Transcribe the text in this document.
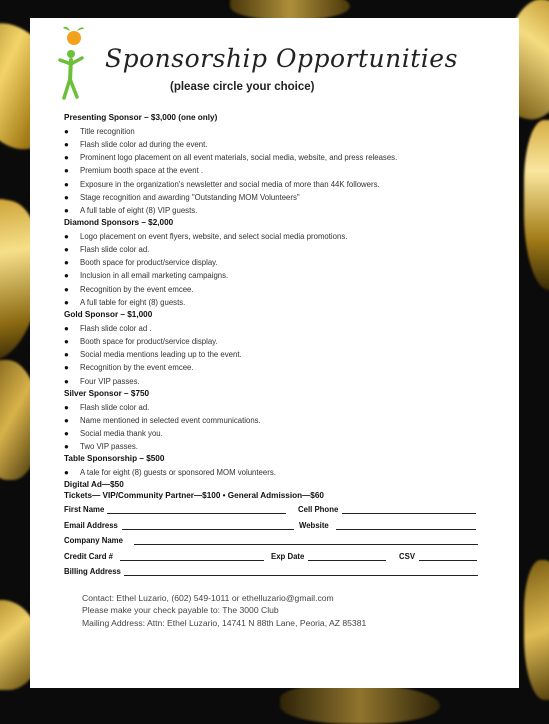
Sponsorship Opportunities
(please circle your choice)
Presenting Sponsor – $3,000 (one only)
● Title recognition
● Flash slide color ad during the event.
● Prominent logo placement on all event materials, social media, website, and press releases.
● Premium booth space at the event .
● Exposure in the organization's newsletter and social media of more than 44K followers.
● Stage recognition and awarding "Outstanding MOM Volunteers"
● A full table of eight (8) VIP guests.
Diamond Sponsors – $2,000
● Logo placement on event flyers, website, and select social media promotions.
● Flash slide color ad.
● Booth space for product/service display.
● Inclusion in all email marketing campaigns.
● Recognition by the event emcee.
● A full table for eight (8) guests.
Gold Sponsor – $1,000
● Flash slide color ad .
● Booth space for product/service display.
● Social media mentions leading up to the event.
● Recognition by the event emcee.
● Four VIP passes.
Silver Sponsor – $750
● Flash slide color ad.
● Name mentioned in selected event communications.
● Social media thank you.
● Two VIP passes.
Table Sponsorship – $500
● A tale for eight (8) guests or sponsored MOM volunteers.
Digital Ad—$50
Tickets— VIP/Community Partner—$100 • General Admission—$60
First Name	Cell Phone
Email Address	Website
Company Name
Credit Card #	Exp Date	CSV
Billing Address
Contact: Ethel Luzario, (602) 549-1011 or ethelluzario@gmail.com
Please make your check payable to: The 3000 Club
Mailing Address: Attn: Ethel Luzario, 14741 N 88th Lane, Peoria, AZ 85381
